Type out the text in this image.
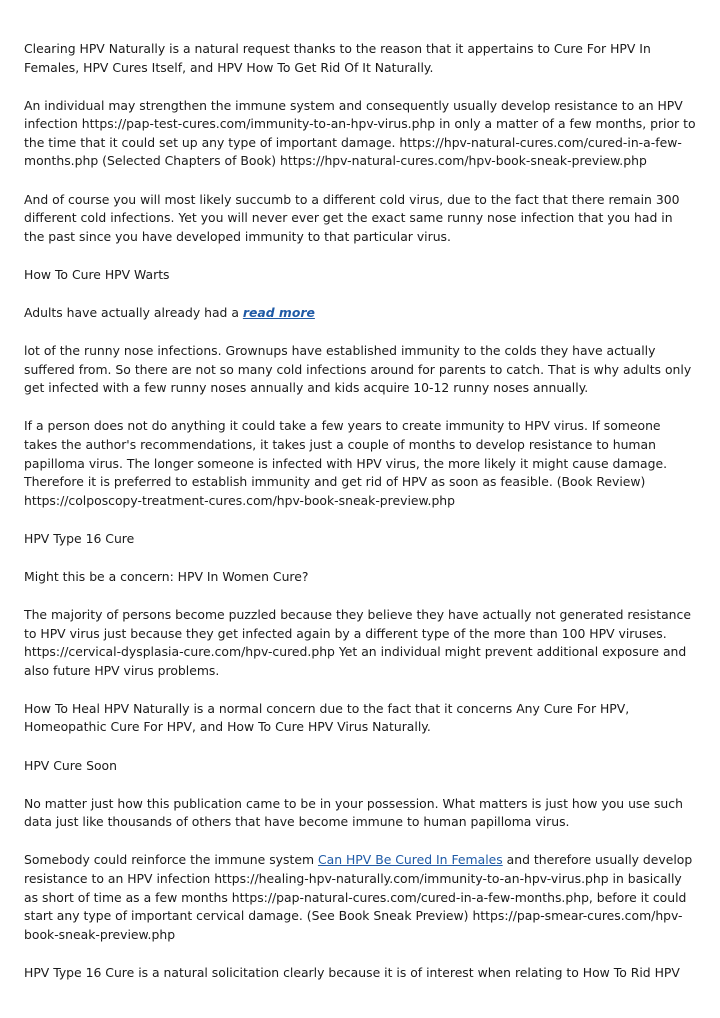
Clearing HPV Naturally is a natural request thanks to the reason that it appertains to Cure For HPV In Females, HPV Cures Itself, and HPV How To Get Rid Of It Naturally.

An individual may strengthen the immune system and consequently usually develop resistance to an HPV infection https://pap-test-cures.com/immunity-to-an-hpv-virus.php in only a matter of a few months, prior to the time that it could set up any type of important damage. https://hpv-natural-cures.com/cured-in-a-few-months.php (Selected Chapters of Book) https://hpv-natural-cures.com/hpv-book-sneak-preview.php

And of course you will most likely succumb to a different cold virus, due to the fact that there remain 300 different cold infections. Yet you will never ever get the exact same runny nose infection that you had in the past since you have developed immunity to that particular virus.

How To Cure HPV Warts

Adults have actually already had a read more

lot of the runny nose infections. Grownups have established immunity to the colds they have actually suffered from. So there are not so many cold infections around for parents to catch. That is why adults only get infected with a few runny noses annually and kids acquire 10-12 runny noses annually.

If a person does not do anything it could take a few years to create immunity to HPV virus. If someone takes the author's recommendations, it takes just a couple of months to develop resistance to human papilloma virus. The longer someone is infected with HPV virus, the more likely it might cause damage. Therefore it is preferred to establish immunity and get rid of HPV as soon as feasible. (Book Review) https://colposcopy-treatment-cures.com/hpv-book-sneak-preview.php

HPV Type 16 Cure

Might this be a concern: HPV In Women Cure?

The majority of persons become puzzled because they believe they have actually not generated resistance to HPV virus just because they get infected again by a different type of the more than 100 HPV viruses. https://cervical-dysplasia-cure.com/hpv-cured.php Yet an individual might prevent additional exposure and also future HPV virus problems.

How To Heal HPV Naturally is a normal concern due to the fact that it concerns Any Cure For HPV, Homeopathic Cure For HPV, and How To Cure HPV Virus Naturally.

HPV Cure Soon

No matter just how this publication came to be in your possession. What matters is just how you use such data just like thousands of others that have become immune to human papilloma virus.

Somebody could reinforce the immune system Can HPV Be Cured In Females and therefore usually develop resistance to an HPV infection https://healing-hpv-naturally.com/immunity-to-an-hpv-virus.php in basically as short of time as a few months https://pap-natural-cures.com/cured-in-a-few-months.php, before it could start any type of important cervical damage. (See Book Sneak Preview) https://pap-smear-cures.com/hpv-book-sneak-preview.php

HPV Type 16 Cure is a natural solicitation clearly because it is of interest when relating to How To Rid HPV
